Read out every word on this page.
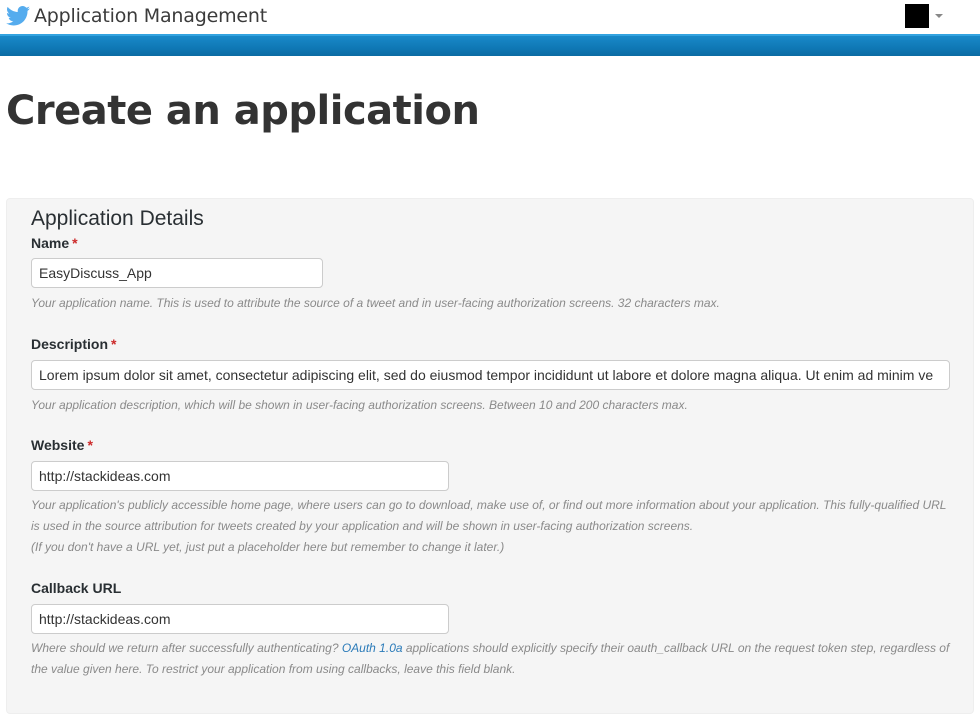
Application Management
Create an application
Application Details
Name *
EasyDiscuss_App
Your application name. This is used to attribute the source of a tweet and in user-facing authorization screens. 32 characters max.
Description *
Lorem ipsum dolor sit amet, consectetur adipiscing elit, sed do eiusmod tempor incididunt ut labore et dolore magna aliqua. Ut enim ad minim ve
Your application description, which will be shown in user-facing authorization screens. Between 10 and 200 characters max.
Website *
http://stackideas.com
Your application's publicly accessible home page, where users can go to download, make use of, or find out more information about your application. This fully-qualified URL is used in the source attribution for tweets created by your application and will be shown in user-facing authorization screens.
(If you don't have a URL yet, just put a placeholder here but remember to change it later.)
Callback URL
http://stackideas.com
Where should we return after successfully authenticating? OAuth 1.0a applications should explicitly specify their oauth_callback URL on the request token step, regardless of the value given here. To restrict your application from using callbacks, leave this field blank.
